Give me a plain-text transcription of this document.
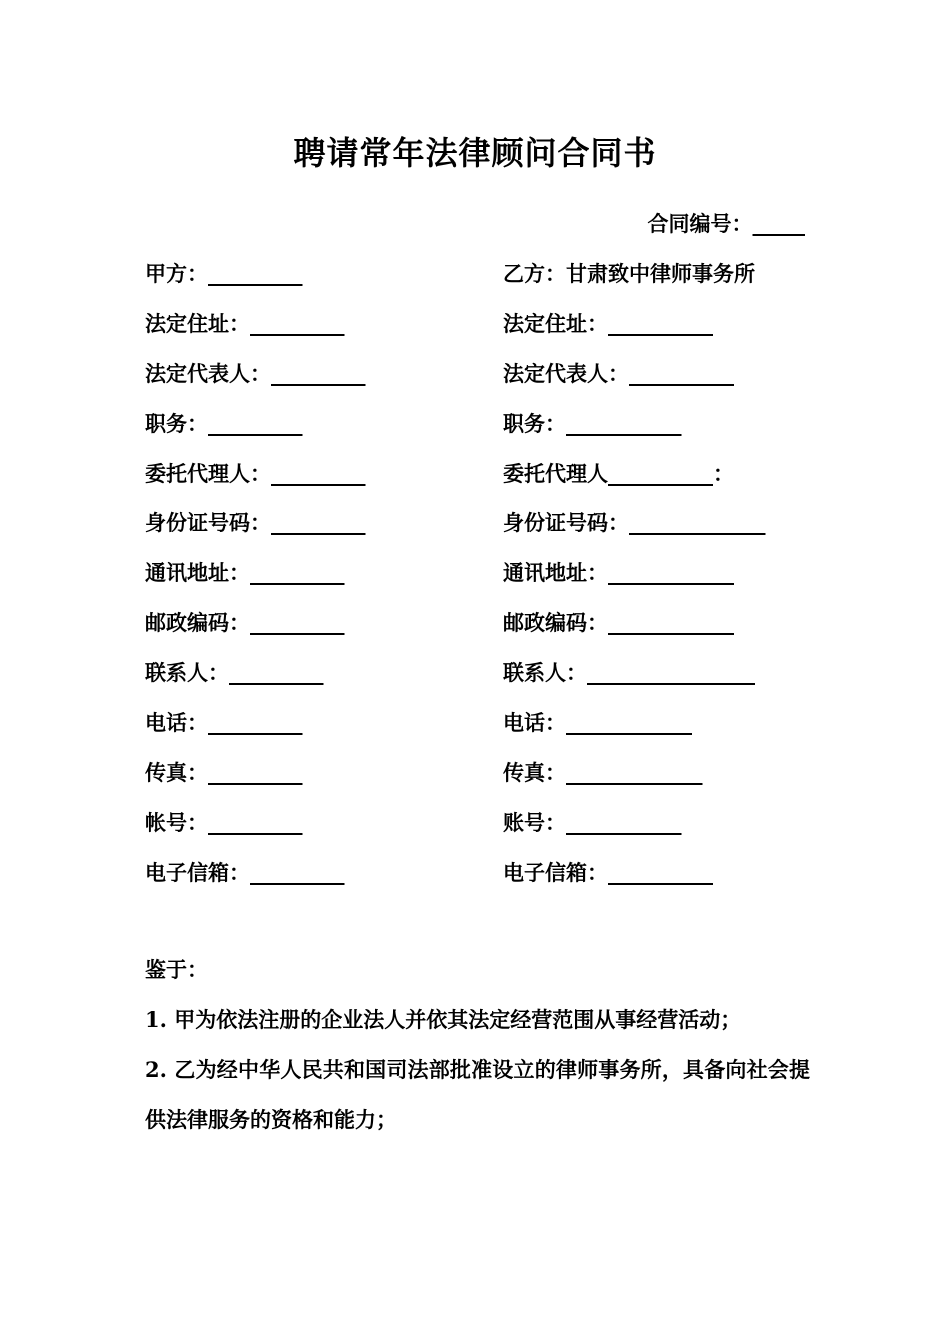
聘请常年法律顾问合同书
合同编号：_____
甲方：_________	乙方：甘肃致中律师事务所
法定住址：_________	法定住址：__________
法定代表人：_________	法定代表人：__________
职务：_________	职务：___________
委托代理人：_________	委托代理人__________：
身份证号码：_________	身份证号码：_____________
通讯地址：_________	通讯地址：____________
邮政编码：_________	邮政编码：____________
联系人：_________	联系人：________________
电话：_________	电话：____________
传真：_________	传真：_____________
帐号：_________	账号：___________
电子信箱：_________	电子信箱：__________
鉴于：
1. 甲为依法注册的企业法人并依其法定经营范围从事经营活动；
2. 乙为经中华人民共和国司法部批准设立的律师事务所，具备向社会提供法律服务的资格和能力；
